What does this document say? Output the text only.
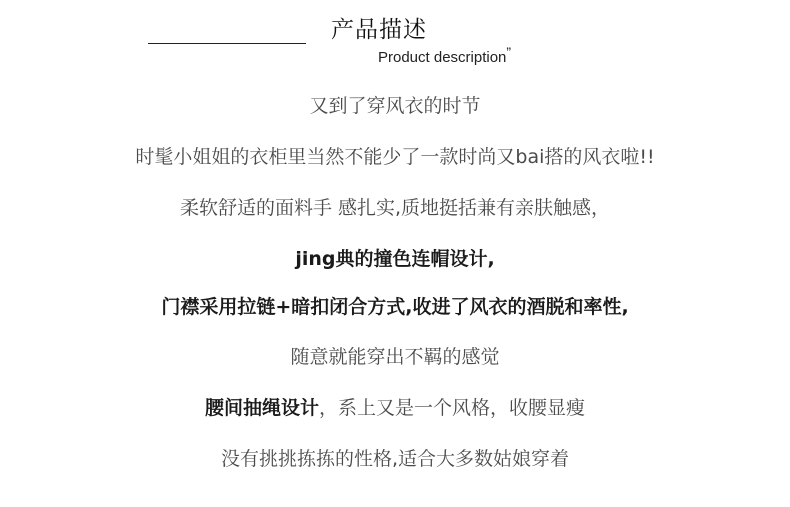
产品描述
Product description”
又到了穿风衣的时节
时髦小姐姐的衣柜里当然不能少了一款时尚又bai搭的风衣啦!!
柔软舒适的面料手 感扎实,质地挺括兼有亲肤触感，
jing典的撞色连帽设计,
门襟采用拉链+暗扣闭合方式,收进了风衣的酒脱和率性,
随意就能穿出不羁的感觉
腰间抽绳设计，系上又是一个风格，收腰显瘦
没有挑挑拣拣的性格,适合大多数姑娘穿着
